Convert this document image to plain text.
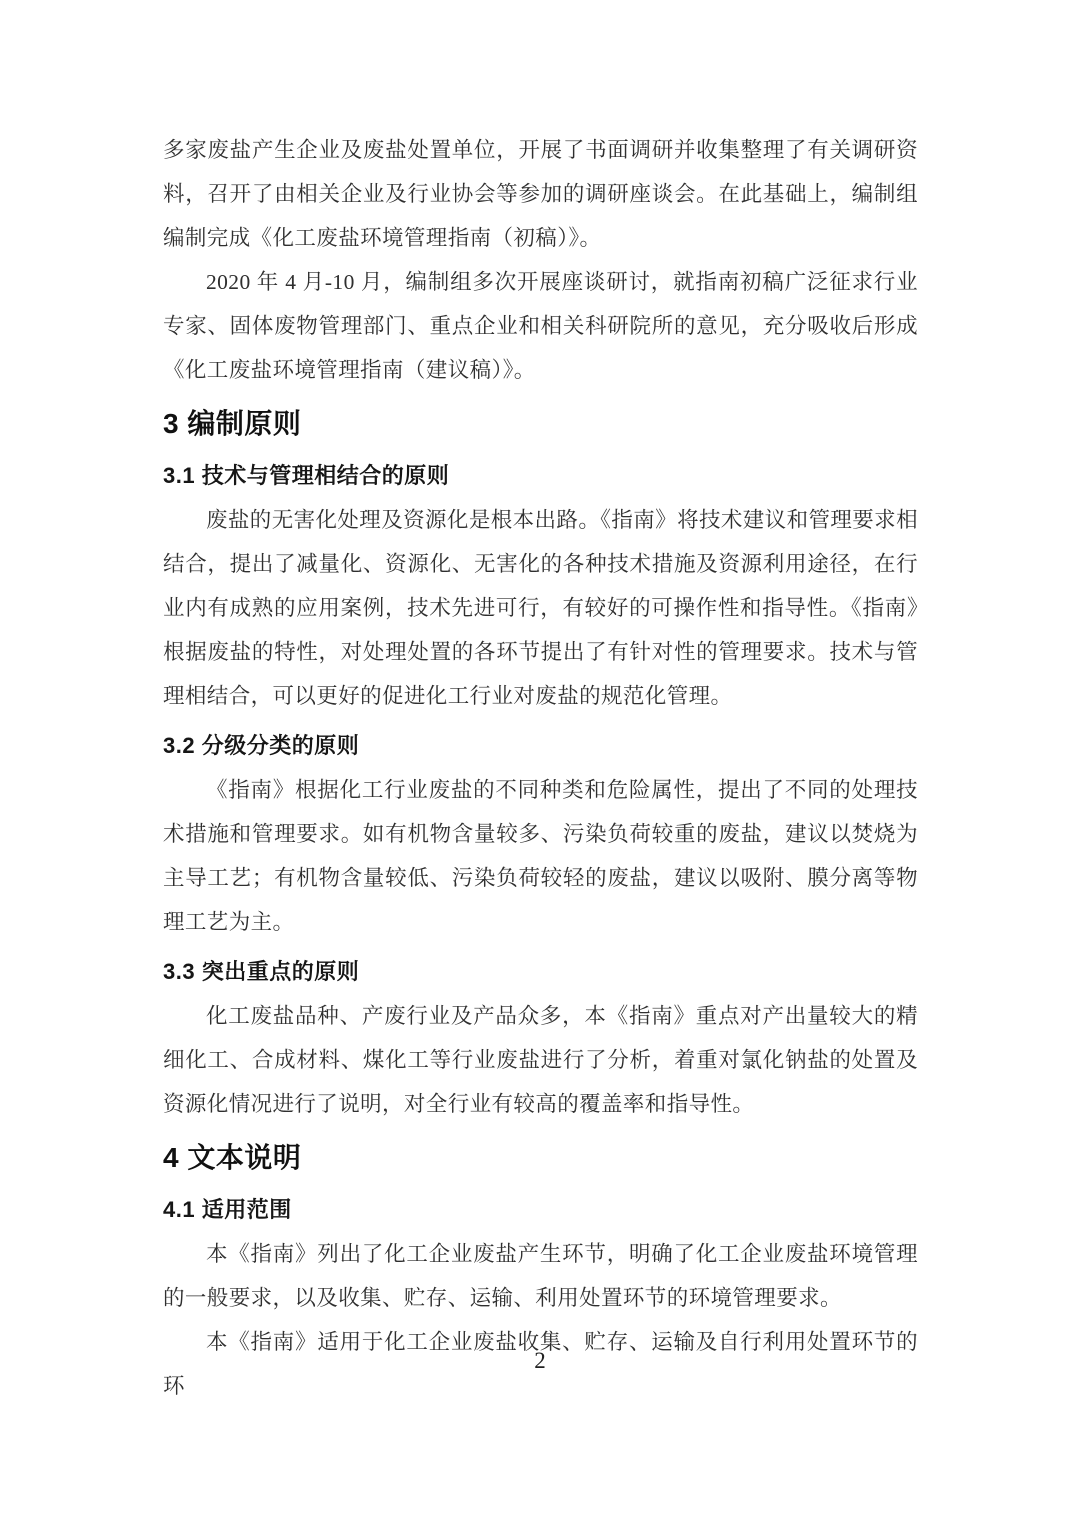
多家废盐产生企业及废盐处置单位，开展了书面调研并收集整理了有关调研资料，召开了由相关企业及行业协会等参加的调研座谈会。在此基础上，编制组编制完成《化工废盐环境管理指南（初稿）》。

2020 年 4 月-10 月，编制组多次开展座谈研讨，就指南初稿广泛征求行业专家、固体废物管理部门、重点企业和相关科研院所的意见，充分吸收后形成《化工废盐环境管理指南（建议稿）》。

3 编制原则
3.1 技术与管理相结合的原则

废盐的无害化处理及资源化是根本出路。《指南》将技术建议和管理要求相结合，提出了减量化、资源化、无害化的各种技术措施及资源利用途径，在行业内有成熟的应用案例，技术先进可行，有较好的可操作性和指导性。《指南》根据废盐的特性，对处理处置的各环节提出了有针对性的管理要求。技术与管理相结合，可以更好的促进化工行业对废盐的规范化管理。

3.2 分级分类的原则

《指南》根据化工行业废盐的不同种类和危险属性，提出了不同的处理技术措施和管理要求。如有机物含量较多、污染负荷较重的废盐，建议以焚烧为主导工艺；有机物含量较低、污染负荷较轻的废盐，建议以吸附、膜分离等物理工艺为主。

3.3 突出重点的原则

化工废盐品种、产废行业及产品众多，本《指南》重点对产出量较大的精细化工、合成材料、煤化工等行业废盐进行了分析，着重对氯化钠盐的处置及资源化情况进行了说明，对全行业有较高的覆盖率和指导性。

4 文本说明
4.1 适用范围

本《指南》列出了化工企业废盐产生环节，明确了化工企业废盐环境管理的一般要求，以及收集、贮存、运输、利用处置环节的环境管理要求。

本《指南》适用于化工企业废盐收集、贮存、运输及自行利用处置环节的环

2
